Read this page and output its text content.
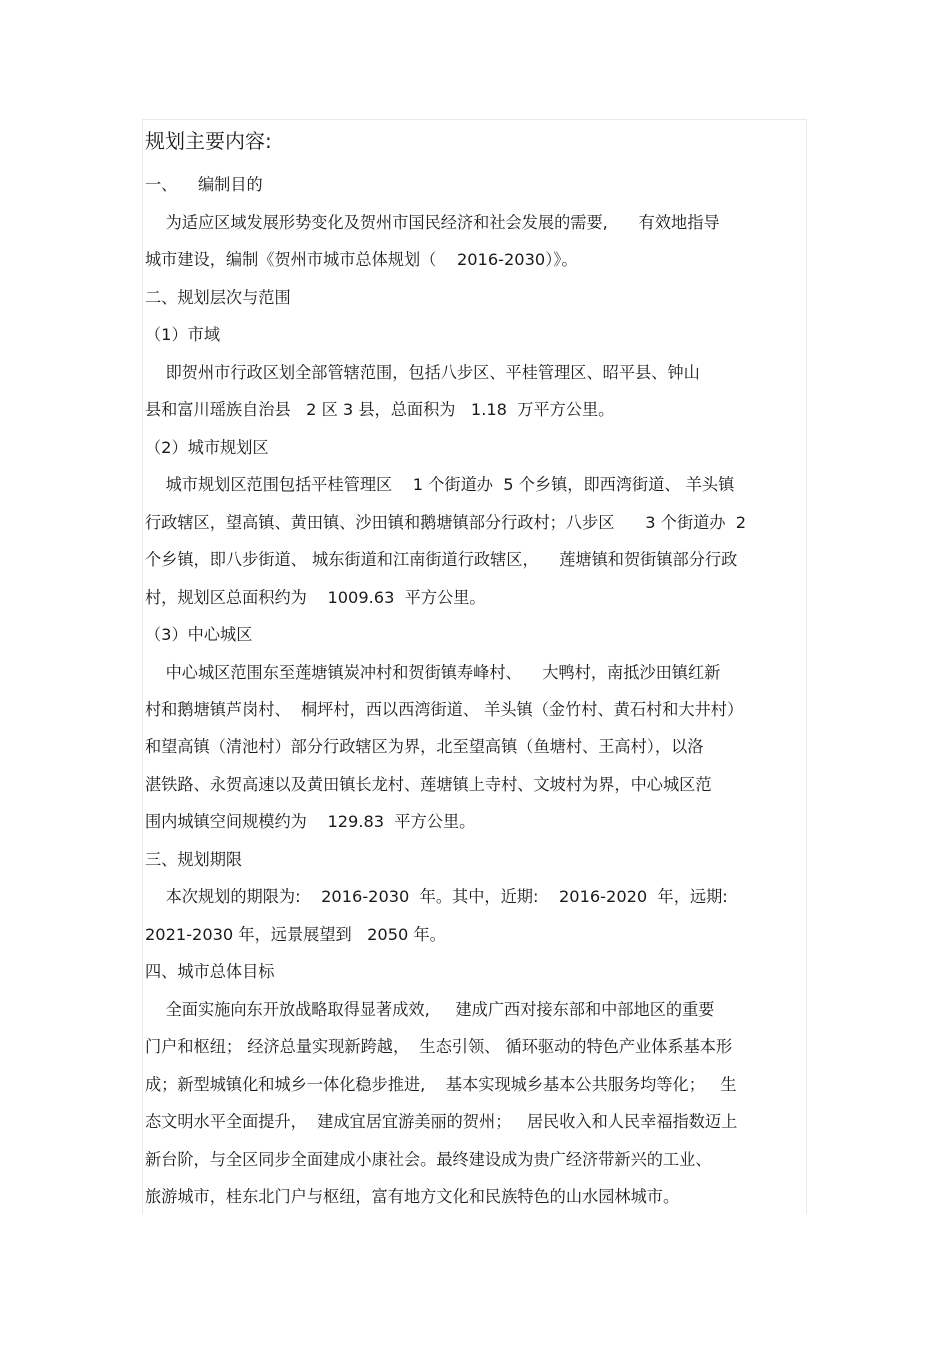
规划主要内容:
一、    编制目的
为适应区域发展形势变化及贺州市国民经济和社会发展的需要,      有效地指导
城市建设，编制《贺州市城市总体规划（    2016-2030）》。
二、规划层次与范围
（1）市域
即贺州市行政区划全部管辖范围，包括八步区、平桂管理区、昭平县、钟山
县和富川瑶族自治县   2 区 3 县，总面积为   1.18  万平方公里。
（2）城市规划区
城市规划区范围包括平桂管理区    1 个街道办  5 个乡镇，即西湾街道、 羊头镇
行政辖区，望高镇、黄田镇、沙田镇和鹅塘镇部分行政村；八步区      3 个街道办  2
个乡镇，即八步街道、 城东街道和江南街道行政辖区，    莲塘镇和贺街镇部分行政
村，规划区总面积约为    1009.63  平方公里。
（3）中心城区
中心城区范围东至莲塘镇炭冲村和贺街镇寿峰村、    大鸭村，南抵沙田镇红新
村和鹅塘镇芦岗村、  桐坪村，西以西湾街道、 羊头镇（金竹村、黄石村和大井村）
和望高镇（清池村）部分行政辖区为界，北至望高镇（鱼塘村、王高村），以洛
湛铁路、永贺高速以及黄田镇长龙村、莲塘镇上寺村、文坡村为界，中心城区范
围内城镇空间规模约为    129.83  平方公里。
三、规划期限
本次规划的期限为:    2016-2030  年。其中，近期:    2016-2020  年，远期:
2021-2030 年，远景展望到   2050 年。
四、城市总体目标
全面实施向东开放战略取得显著成效,     建成广西对接东部和中部地区的重要
门户和枢纽； 经济总量实现新跨越，  生态引领、 循环驱动的特色产业体系基本形
成；新型城镇化和城乡一体化稳步推进,    基本实现城乡基本公共服务均等化；   生
态文明水平全面提升，  建成宜居宜游美丽的贺州；   居民收入和人民幸福指数迈上
新台阶，与全区同步全面建成小康社会。最终建设成为贵广经济带新兴的工业、
旅游城市，桂东北门户与枢纽，富有地方文化和民族特色的山水园林城市。
